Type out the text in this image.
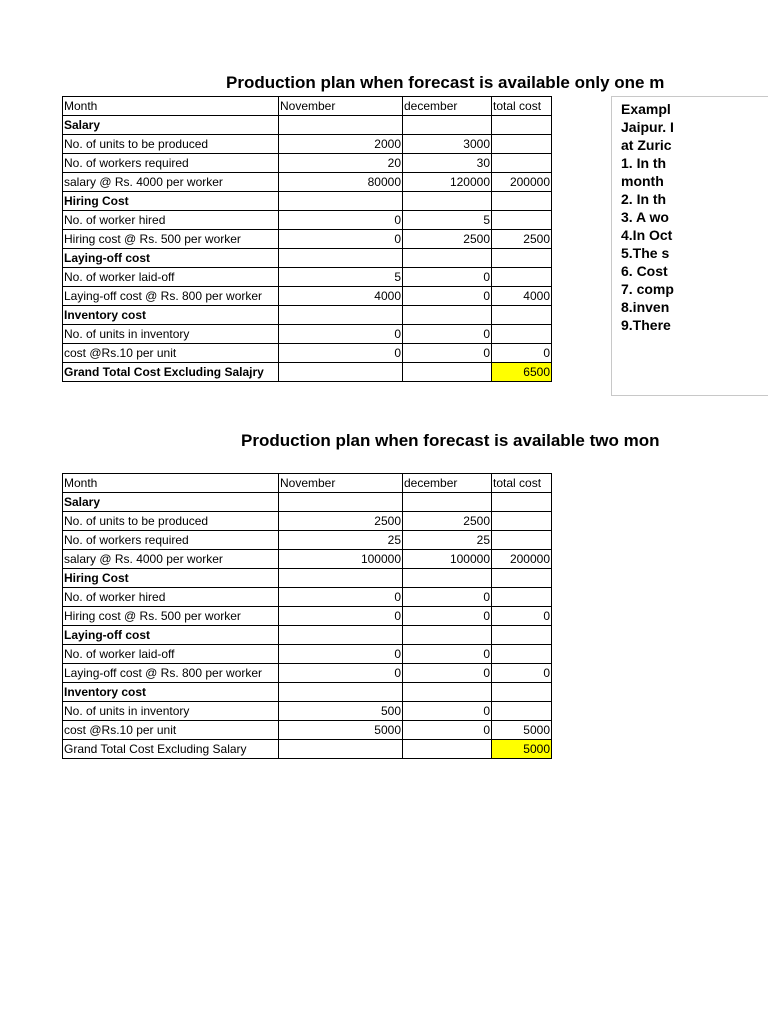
Production plan when forecast is available only one m
Month	November	december	total cost
Salary			
No. of units to be produced	2000	3000	
No. of workers required	20	30	
salary @ Rs. 4000 per worker	80000	120000	200000
Hiring Cost			
No. of worker hired	0	5	
Hiring cost @ Rs. 500 per worker	0	2500	2500
Laying-off cost			
No. of worker laid-off	5	0	
Laying-off cost @ Rs. 800 per worker	4000	0	4000
Inventory cost			
No. of units in inventory	0	0	
cost @Rs.10 per unit	0	0	0
Grand Total Cost Excluding Salajry			6500
Exampl
Jaipur. I
at Zuric
1. In th
month
2. In th
3. A wo
4.In Oct
5.The s
6. Cost
7. comp
8.inven
9.There
Production plan when forecast is available two mon
Month	November	december	total cost
Salary			
No. of units to be produced	2500	2500	
No. of workers required	25	25	
salary @ Rs. 4000 per worker	100000	100000	200000
Hiring Cost			
No. of worker hired	0	0	
Hiring cost @ Rs. 500 per worker	0	0	0
Laying-off cost			
No. of worker laid-off	0	0	
Laying-off cost @ Rs. 800 per worker	0	0	0
Inventory cost			
No. of units in inventory	500	0	
cost @Rs.10 per unit	5000	0	5000
Grand Total Cost Excluding Salary			5000
